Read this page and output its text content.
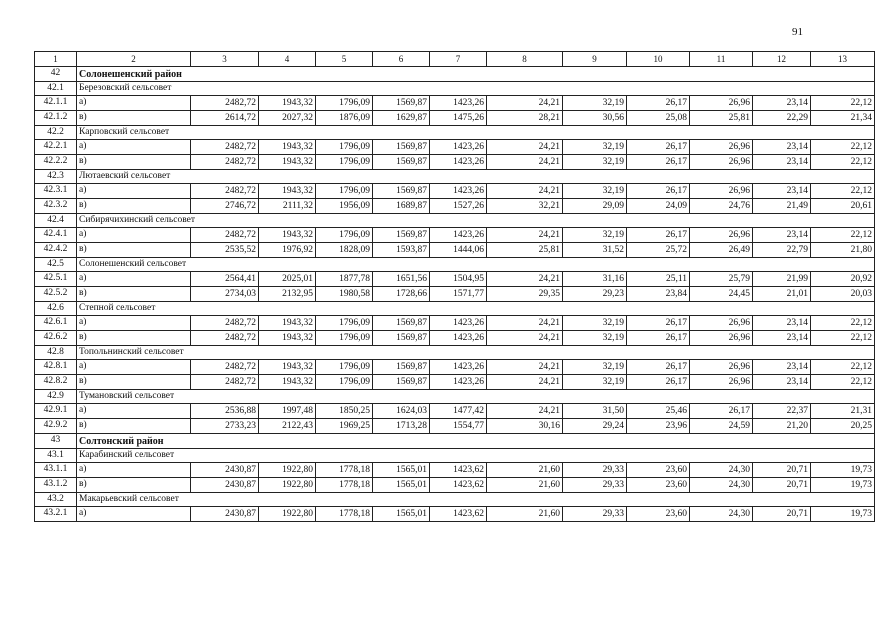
91
1	2	3	4	5	6	7	8	9	10	11	12	13
42	Солонешенский район											
42.1	Березовский сельсовет											
42.1.1	а)	2482,72	1943,32	1796,09	1569,87	1423,26	24,21	32,19	26,17	26,96	23,14	22,12
42.1.2	в)	2614,72	2027,32	1876,09	1629,87	1475,26	28,21	30,56	25,08	25,81	22,29	21,34
42.2	Карповский сельсовет											
42.2.1	а)	2482,72	1943,32	1796,09	1569,87	1423,26	24,21	32,19	26,17	26,96	23,14	22,12
42.2.2	в)	2482,72	1943,32	1796,09	1569,87	1423,26	24,21	32,19	26,17	26,96	23,14	22,12
42.3	Лютаевский сельсовет											
42.3.1	а)	2482,72	1943,32	1796,09	1569,87	1423,26	24,21	32,19	26,17	26,96	23,14	22,12
42.3.2	в)	2746,72	2111,32	1956,09	1689,87	1527,26	32,21	29,09	24,09	24,76	21,49	20,61
42.4	Сибирячихинский сельсовет											
42.4.1	а)	2482,72	1943,32	1796,09	1569,87	1423,26	24,21	32,19	26,17	26,96	23,14	22,12
42.4.2	в)	2535,52	1976,92	1828,09	1593,87	1444,06	25,81	31,52	25,72	26,49	22,79	21,80
42.5	Солонешенский сельсовет											
42.5.1	а)	2564,41	2025,01	1877,78	1651,56	1504,95	24,21	31,16	25,11	25,79	21,99	20,92
42.5.2	в)	2734,03	2132,95	1980,58	1728,66	1571,77	29,35	29,23	23,84	24,45	21,01	20,03
42.6	Степной сельсовет											
42.6.1	а)	2482,72	1943,32	1796,09	1569,87	1423,26	24,21	32,19	26,17	26,96	23,14	22,12
42.6.2	в)	2482,72	1943,32	1796,09	1569,87	1423,26	24,21	32,19	26,17	26,96	23,14	22,12
42.8	Топольнинский сельсовет											
42.8.1	а)	2482,72	1943,32	1796,09	1569,87	1423,26	24,21	32,19	26,17	26,96	23,14	22,12
42.8.2	в)	2482,72	1943,32	1796,09	1569,87	1423,26	24,21	32,19	26,17	26,96	23,14	22,12
42.9	Тумановский сельсовет											
42.9.1	а)	2536,88	1997,48	1850,25	1624,03	1477,42	24,21	31,50	25,46	26,17	22,37	21,31
42.9.2	в)	2733,23	2122,43	1969,25	1713,28	1554,77	30,16	29,24	23,96	24,59	21,20	20,25
43	Солтонский район											
43.1	Карабинский сельсовет											
43.1.1	а)	2430,87	1922,80	1778,18	1565,01	1423,62	21,60	29,33	23,60	24,30	20,71	19,73
43.1.2	в)	2430,87	1922,80	1778,18	1565,01	1423,62	21,60	29,33	23,60	24,30	20,71	19,73
43.2	Макарьевский сельсовет											
43.2.1	а)	2430,87	1922,80	1778,18	1565,01	1423,62	21,60	29,33	23,60	24,30	20,71	19,73
